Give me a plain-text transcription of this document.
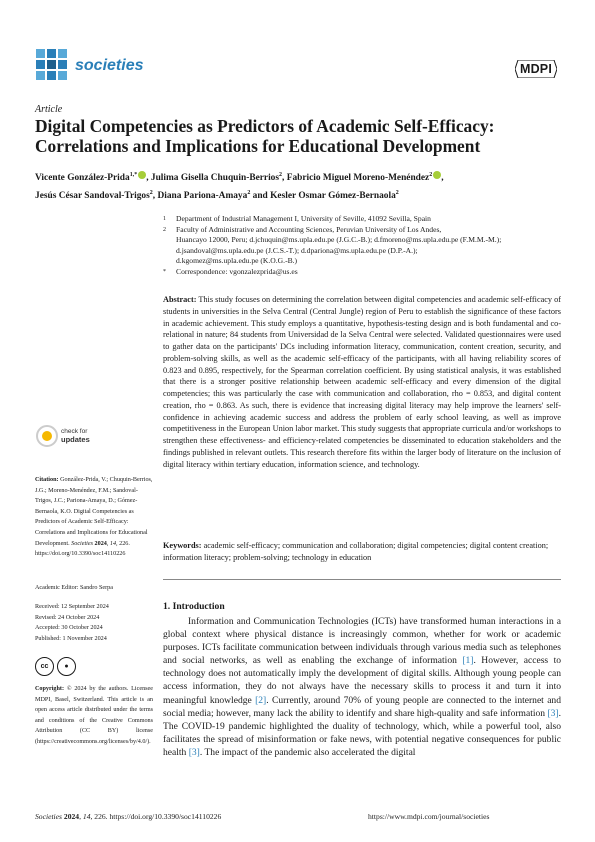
societies	MDPI
Article
Digital Competencies as Predictors of Academic Self-Efficacy: Correlations and Implications for Educational Development
Vicente González-Prida$^{1,*}$ , Julima Gisella Chuquin-Berrios$^2$, Fabricio Miguel Moreno-Menéndez$^2$ ,
Jesús César Sandoval-Trigos$^2$, Diana Pariona-Amaya$^2$ and Kesler Osmar Gómez-Bernaola$^2$
1	Department of Industrial Management I, University of Seville, 41092 Sevilla, Spain
2	Faculty of Administrative and Accounting Sciences, Peruvian University of Los Andes,
Huancayo 12000, Peru; d.jchuquin@ms.upla.edu.pe (J.G.C.-B.); d.fmoreno@ms.upla.edu.pe (F.M.M.-M.);
d.jsandoval@ms.upla.edu.pe (J.C.S.-T.); d.dpariona@ms.upla.edu.pe (D.P.-A.);
d.kgomez@ms.upla.edu.pe (K.O.G.-B.)
*	Correspondence: vgonzalezprida@us.es
Abstract: This study focuses on determining the correlation between digital competencies and academic self-efficacy of students in universities in the Selva Central (Central Jungle) region of Peru to establish the significance of these factors in academic achievement. This study employs a quantitative, hypothesis-testing design and is both fundamental and co-relational in nature; 84 students from Universidad de la Selva Central were selected. Validated questionnaires were used to gather data on the participants' DCs including information literacy, communication, content creation, security, and problem-solving skills, as well as the academic self-efficacy of the participants, with all having reliability scores of 0.823 and 0.895, respectively, for the Spearman correlation coefficient. By using statistical analysis, it was established that there is a stronger positive relationship between academic self-efficacy and every dimension of the digital competencies; this was particularly the case with communication and collaboration, rho = 0.853, and digital content creation, rho = 0.863. As such, there is evidence that increasing digital literacy may help improve the learners' self-confidence in achieving academic success and address the problem of early school leaving, as well as improve competitiveness in the European Union labor market. This study suggests that appropriate curricula and/or workshops to strengthen these effectiveness- and efficiency-related competencies be disseminated to education stakeholders and the findings published in relevant outlets. This research therefore fits within the larger body of literature on the inclusion of digital literacy within tertiary education, information science, and technology.
Keywords: academic self-efficacy; communication and collaboration; digital competencies; digital content creation; information literacy; problem-solving; technology in education
check for
updates
Citation: González-Prida, V.; Chuquin-Berrios, J.G.; Moreno-Menéndez, F.M.; Sandoval-Trigos, J.C.; Pariona-Amaya, D.; Gómez-Bernaola, K.O. Digital Competencies as Predictors of Academic Self-Efficacy: Correlations and Implications for Educational Development. Societies 2024, 14, 226. https://doi.org/10.3390/soc14110226
Academic Editor: Sandro Serpa
Received: 12 September 2024
Revised: 24 October 2024
Accepted: 30 October 2024
Published: 1 November 2024
cc	●
Copyright: © 2024 by the authors. Licensee MDPI, Basel, Switzerland. This article is an open access article distributed under the terms and conditions of the Creative Commons Attribution (CC BY) license (https://creativecommons.org/licenses/by/4.0/).
1. Introduction
Information and Communication Technologies (ICTs) have transformed human interactions in a global context where physical distance is increasingly common, whether for work or academic purposes. ICTs facilitate communication between individuals through various media such as telephones and social networks, as well as enabling the exchange of information [1]. However, access to technology does not automatically imply the development of digital skills. Although young people can access information, they do not always have the necessary skills to process it and turn it into meaningful knowledge [2]. Currently, around 70% of young people are connected to the internet and social media; however, many lack the ability to identify and share high-quality and safe information [3]. The COVID-19 pandemic highlighted the duality of technology, which, while a powerful tool, also facilitates the spread of misinformation or fake news, with potential negative consequences for public health [3]. The impact of the pandemic also accelerated the digital
Societies 2024, 14, 226. https://doi.org/10.3390/soc14110226	https://www.mdpi.com/journal/societies
